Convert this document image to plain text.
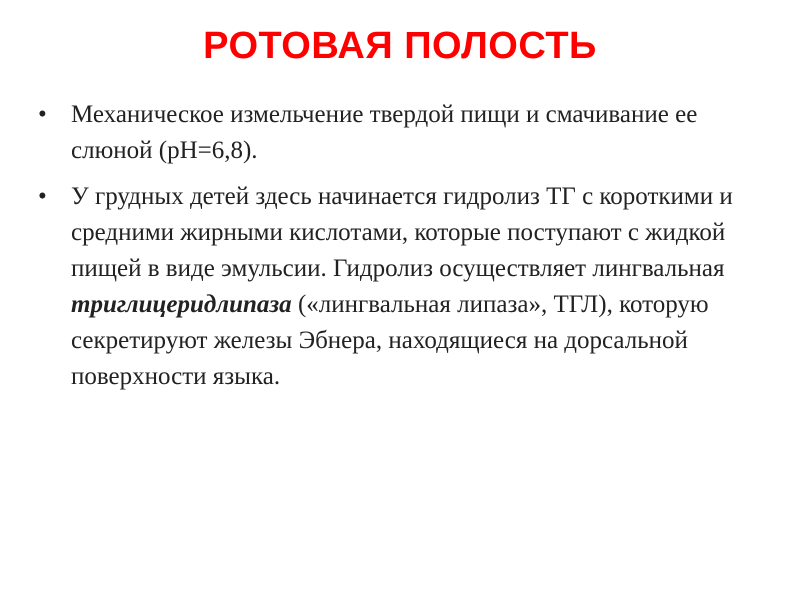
РОТОВАЯ ПОЛОСТЬ
• Механическое измельчение твердой пищи и смачивание ее слюной (pH=6,8).
• У грудных детей здесь начинается гидролиз ТГ с короткими и средними жирными кислотами, которые поступают с жидкой пищей в виде эмульсии. Гидролиз осуществляет лингвальная триглицеридлипаза («лингвальная липаза», ТГЛ), которую секретируют железы Эбнера, находящиеся на дорсальной поверхности языка.
